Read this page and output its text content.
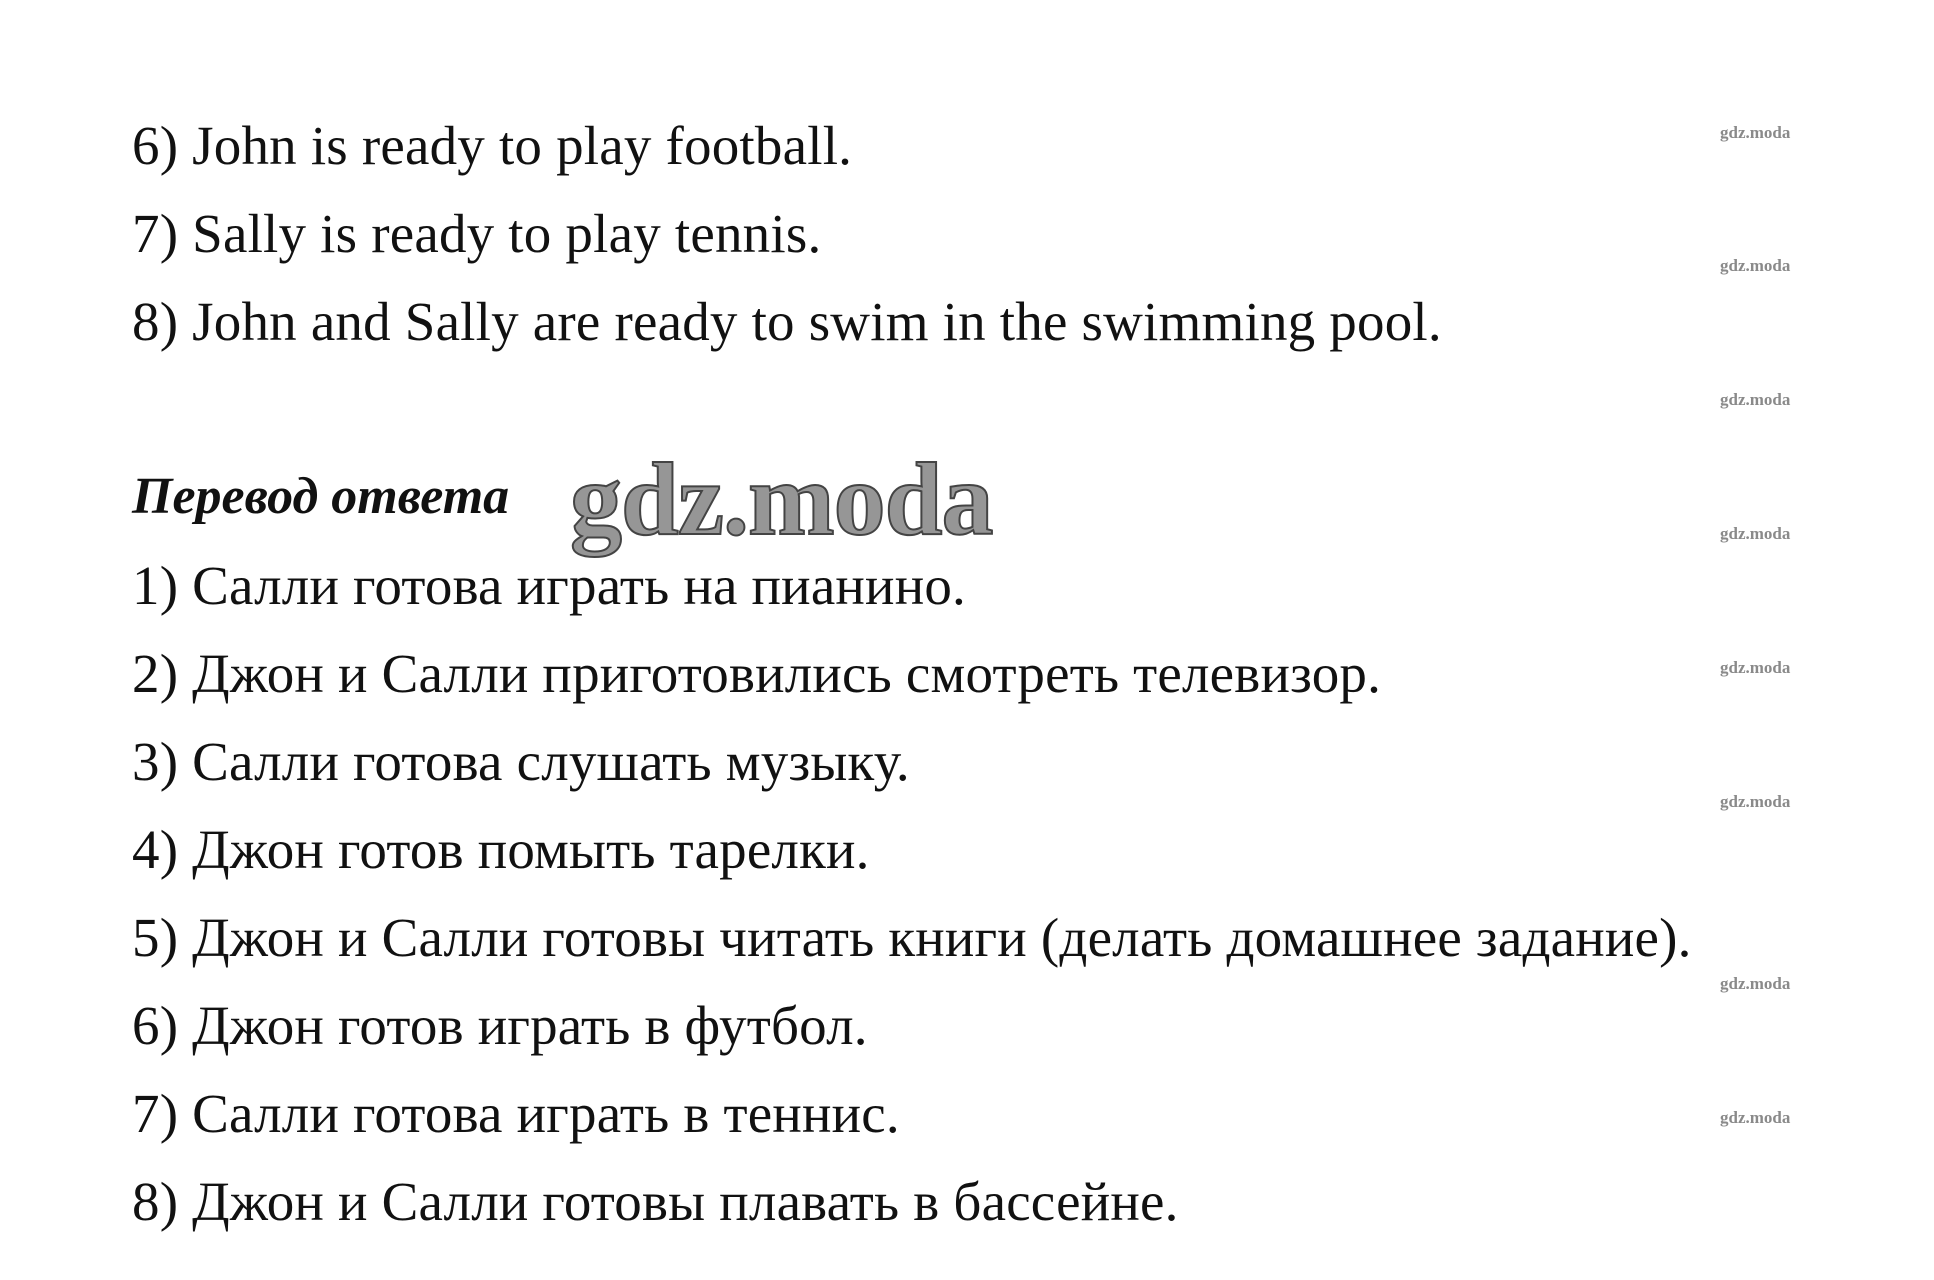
6) John is ready to play football.
7) Sally is ready to play tennis.
8) John and Sally are ready to swim in the swimming pool.
Перевод ответа gdz.moda
1) Салли готова играть на пианино.
2) Джон и Салли приготовились смотреть телевизор.
3) Салли готова слушать музыку.
4) Джон готов помыть тарелки.
5) Джон и Салли готовы читать книги (делать домашнее задание).
6) Джон готов играть в футбол.
7) Салли готова играть в теннис.
8) Джон и Салли готовы плавать в бассейне.
gdz.moda
gdz.moda
gdz.moda
gdz.moda
gdz.moda
gdz.moda
gdz.moda
gdz.moda
